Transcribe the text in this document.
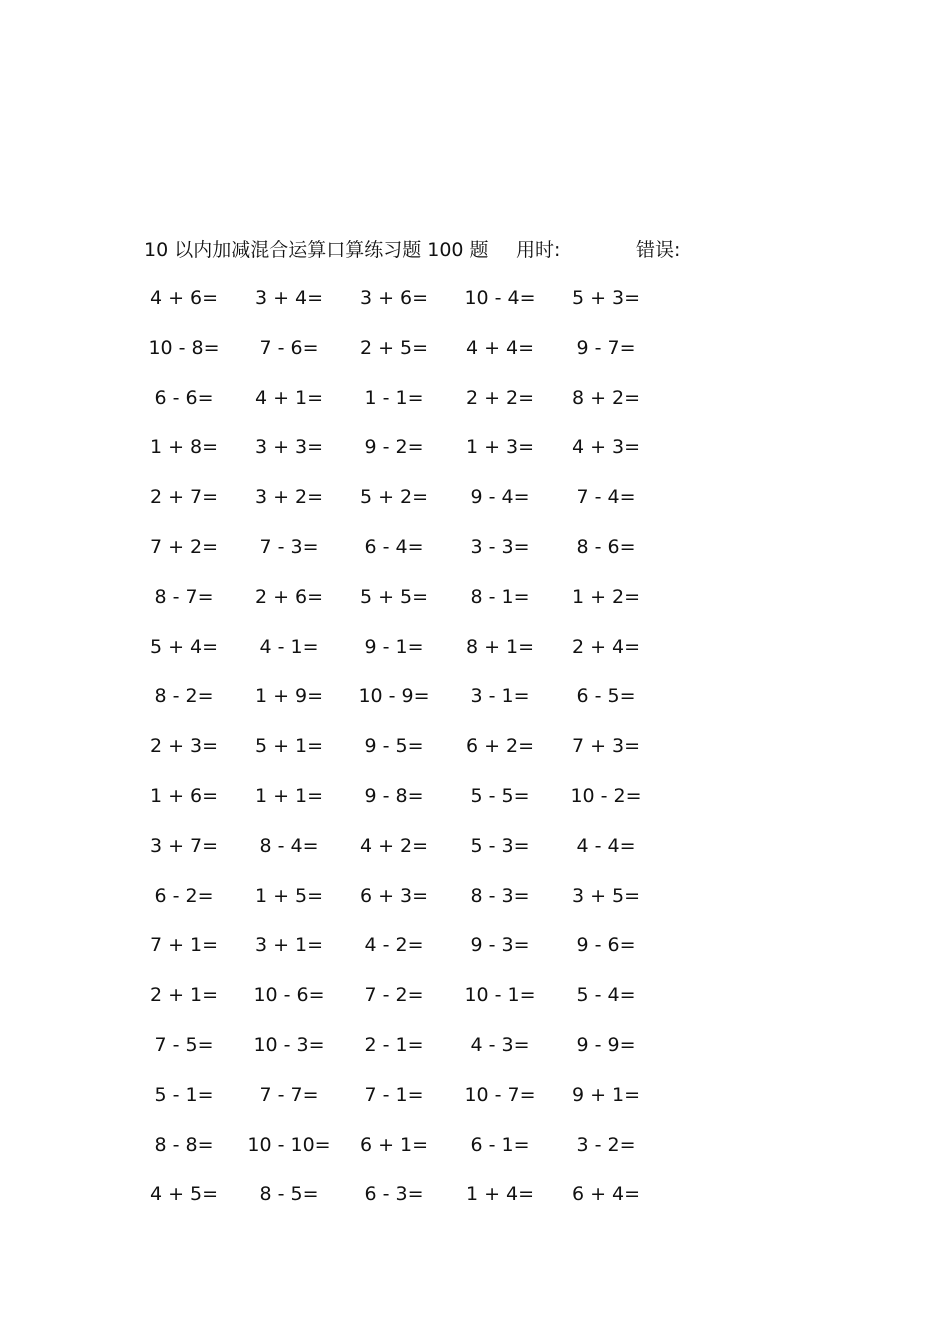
10 以内加减混合运算口算练习题 100 题 用时:	错误:
4 + 6=	3 + 4=	3 + 6=	10 - 4=	5 + 3=
10 - 8=	7 - 6=	2 + 5=	4 + 4=	9 - 7=
6 - 6=	4 + 1=	1 - 1=	2 + 2=	8 + 2=
1 + 8=	3 + 3=	9 - 2=	1 + 3=	4 + 3=
2 + 7=	3 + 2=	5 + 2=	9 - 4=	7 - 4=
7 + 2=	7 - 3=	6 - 4=	3 - 3=	8 - 6=
8 - 7=	2 + 6=	5 + 5=	8 - 1=	1 + 2=
5 + 4=	4 - 1=	9 - 1=	8 + 1=	2 + 4=
8 - 2=	1 + 9=	10 - 9=	3 - 1=	6 - 5=
2 + 3=	5 + 1=	9 - 5=	6 + 2=	7 + 3=
1 + 6=	1 + 1=	9 - 8=	5 - 5=	10 - 2=
3 + 7=	8 - 4=	4 + 2=	5 - 3=	4 - 4=
6 - 2=	1 + 5=	6 + 3=	8 - 3=	3 + 5=
7 + 1=	3 + 1=	4 - 2=	9 - 3=	9 - 6=
2 + 1=	10 - 6=	7 - 2=	10 - 1=	5 - 4=
7 - 5=	10 - 3=	2 - 1=	4 - 3=	9 - 9=
5 - 1=	7 - 7=	7 - 1=	10 - 7=	9 + 1=
8 - 8=	10 - 10=	6 + 1=	6 - 1=	3 - 2=
4 + 5=	8 - 5=	6 - 3=	1 + 4=	6 + 4=
